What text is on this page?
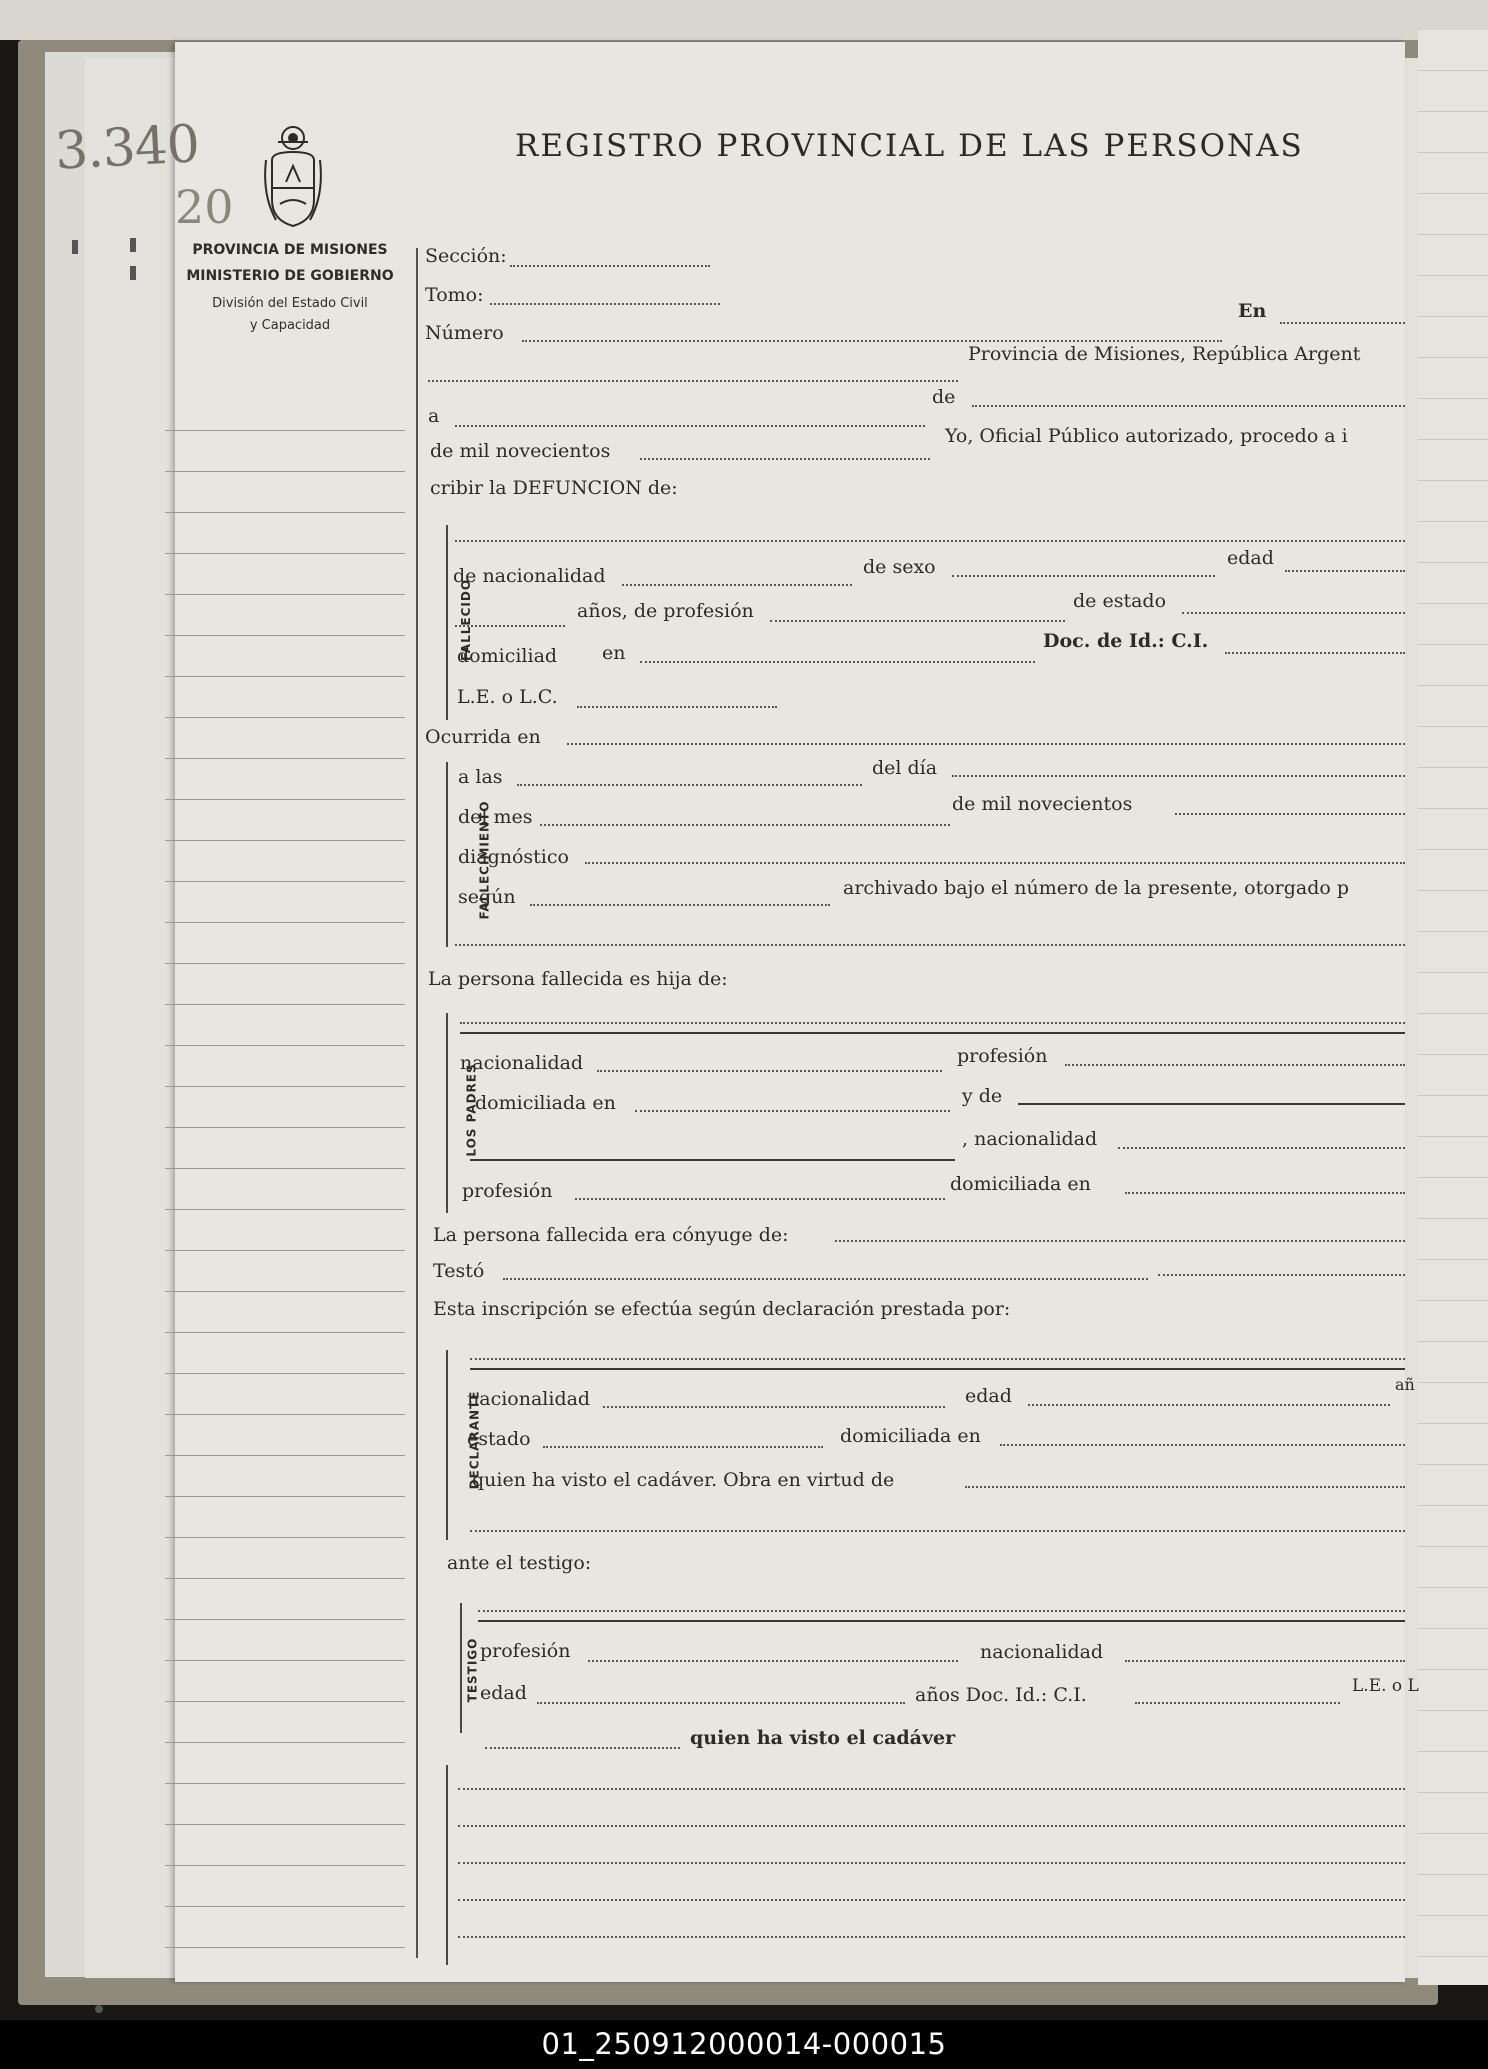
3.340
20
REGISTRO PROVINCIAL DE LAS PERSONAS
PROVINCIA DE MISIONES
MINISTERIO DE GOBIERNO
División del Estado Civil
y Capacidad
Sección:
Tomo:
Número
En
Provincia de Misiones, República Argent
de
a
de mil novecientos
Yo, Oficial Público autorizado, procedo a i
cribir la DEFUNCION de:
FALLECIDO
de nacionalidad	de sexo	edad
años, de profesión	de estado
domiciliad en
Doc. de Id.: C.I.
L.E. o L.C.
Ocurrida en
FALLECIMIENTO
a las	del día
del mes
de mil novecientos
diagnóstico
según	archivado bajo el número de la presente, otorgado p
La persona fallecida es hija de:
LOS PADRES
nacionalidad	profesión
domiciliada en	y de
, nacionalidad
profesión	domiciliada en
La persona fallecida era cónyuge de:
Testó
Esta inscripción se efectúa según declaración prestada por:
DECLARANTE
nacionalidad	edad
añ
estado	domiciliada en
quien ha visto el cadáver. Obra en virtud de
ante el testigo:
TESTIGO profesión	nacionalidad
edad	años Doc. Id.: C.I.	L.E. o L
quien ha visto el cadáver
01_250912000014-000015
